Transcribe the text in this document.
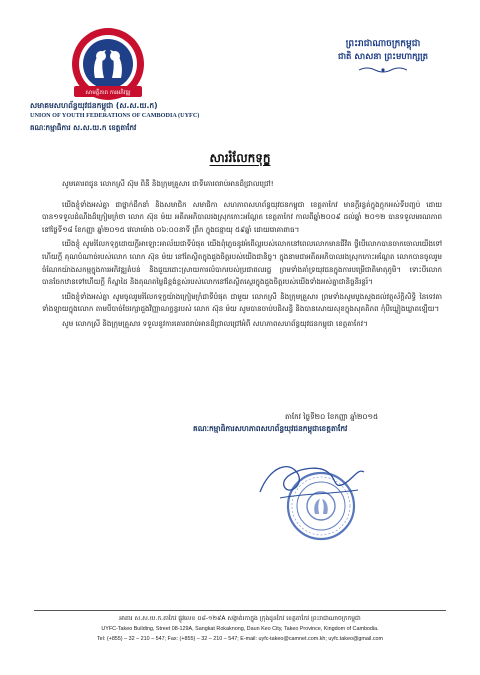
សាមគ្គីភាព ការអភិវឌ្ឍ
សមាគមសហព័ន្ធយុវជនកម្ពុជា (ស.ស.យ.ក)
UNION OF YOUTH FEDERATIONS OF CAMBODIA (UYFC)
គណៈកម្មាធិការ ស.ស.យ.ក ខេត្តតាកែវ
ព្រះរាជាណាចក្រកម្ពុជា
ជាតិ សាសនា ព្រះមហាក្សត្រ
សាររំលែកទុក្ខ

សូមគោរពជូន លោកស្រី ស៊ុម ពិនី និងក្រុមគ្រួសារ ជាទីគោរពរាប់អានដ៏ជ្រាលជ្រៅ!

យើងខ្ញុំទាំងអស់គ្នា ជាថ្នាក់ដឹកនាំ និងសមាជិក សមាជិកា សហភាពសហព័ន្ធយុវជនកម្ពុជា ខេត្តតាកែវ មានក្តីរន្ធត់ក្នុងក្តុកអស់ទីបញ្ចប់ ដោយបាន១ទទួលដំណឹងដ៏ក្រៀមក្រំថា លោក ស៊ុន ម៉យ អតីតអភិបាលរងស្រុកកោះអណ្តែត ខេត្តតាកែវ កាលពីឆ្នាំ២០០៩ ដល់ឆ្នាំ ២០១២ បានទទួលមរណភាពនៅថ្ងៃទី១៨ ខែកញ្ញា ឆ្នាំ២០១៥ វេលាម៉ោង ០៦:០០នាទី ព្រឹក ក្នុងជន្មាយុ ៥៩ឆ្នាំ ដោយរោគាពាធ។

យើងខ្ញុំ សូមរំលែកទុក្ខដោយក្តីអាឡោះអាល័យជាទីបំផុត យើងពុំភ្លេចនូវអំពើល្អរបស់លោកនៅពេលលោកមានជីវិត ថ្វីបើលោកបានចាកចោលយើងទៅហើយក្តី គុណបំណាច់របស់លោក លោក ស៊ុន ម៉យ នៅតែស្ថិតក្នុងដួងចិត្តរបស់យើងជានិច្ច។ ក្នុងនាមជាអតីតអភិបាលរងស្រុកកោះអណ្តែត លោកបានចូលរួមចំណែកយ៉ាងសកម្មក្នុងការអភិវឌ្ឍតំបន់ និងជួយដោះស្រាយការលំបាករបស់ប្រជាពលរដ្ឋ ព្រមទាំងគាំទ្រយុវជនក្នុងការបម្រើជាតិមាតុភូមិ។ ទោះបីលោកបានចែកឋានទៅហើយក្តី ក៏ស្នាដៃ និងគុណតម្លៃដ៏ខ្ពង់ខ្ពស់របស់លោកនៅតែស្ថិតស្ថេរក្នុងដួងចិត្តរបស់យើងទាំងអស់គ្នាជានិច្ចនិរន្តរ៍។

យើងខ្ញុំទាំងអស់គ្នា សូមចូលរួមរំលែកទុក្ខយ៉ាងក្រៀមក្រំជាទីបំផុត ជាមួយ លោកស្រី និងក្រុមគ្រួសារ ព្រមទាំងសូមបួងសួងដល់វត្ថុស័ក្តិសិទ្ធិ នៃទេវតាទាំងឡាយក្នុងលោក តាមបីបាច់ថែរក្សាដួងវិញ្ញាណក្ខន្ធរបស់ លោក ស៊ុន ម៉យ សូមបានចាប់បដិសន្ធិ និងបានសោយសុខក្នុងសុគតិភព កុំបីឃ្លៀងឃ្លាតឡើយ។

សូម លោកស្រី និងក្រុមគ្រួសារ ទទួលនូវការគោរពរាប់អានដ៏ជ្រាលជ្រៅអំពី សហភាពសហព័ន្ធយុវជនកម្ពុជា ខេត្តតាកែវ។

តាកែវ ថ្ងៃទី២០ ខែកញ្ញា ឆ្នាំ២០១៥
គណៈកម្មាធិការសហភាពសហព័ន្ធយុវជនកម្ពុជាខេត្តតាកែវ
អាគារ ស.ស.យ.ក.តាកែវ ផ្លូវលេខ ០៨-១២៩A សង្កាត់រកាក្នុង ក្រុងដូនកែវ ខេត្តតាកែវ ព្រះរាជាណាចក្រកម្ពុជា
UYFC-Takeo Building, Street 08-129A, Sangkat Rokaknong, Daun Keo City, Takeo Province, Kingdom of Cambodia.
Tel: (+855) – 32 – 210 – 547; Fax: (+855) – 32 – 210 – 547; E-mail: uyfc-takeo@camnet.com.kh; uyfc.takeo@gmail.com
